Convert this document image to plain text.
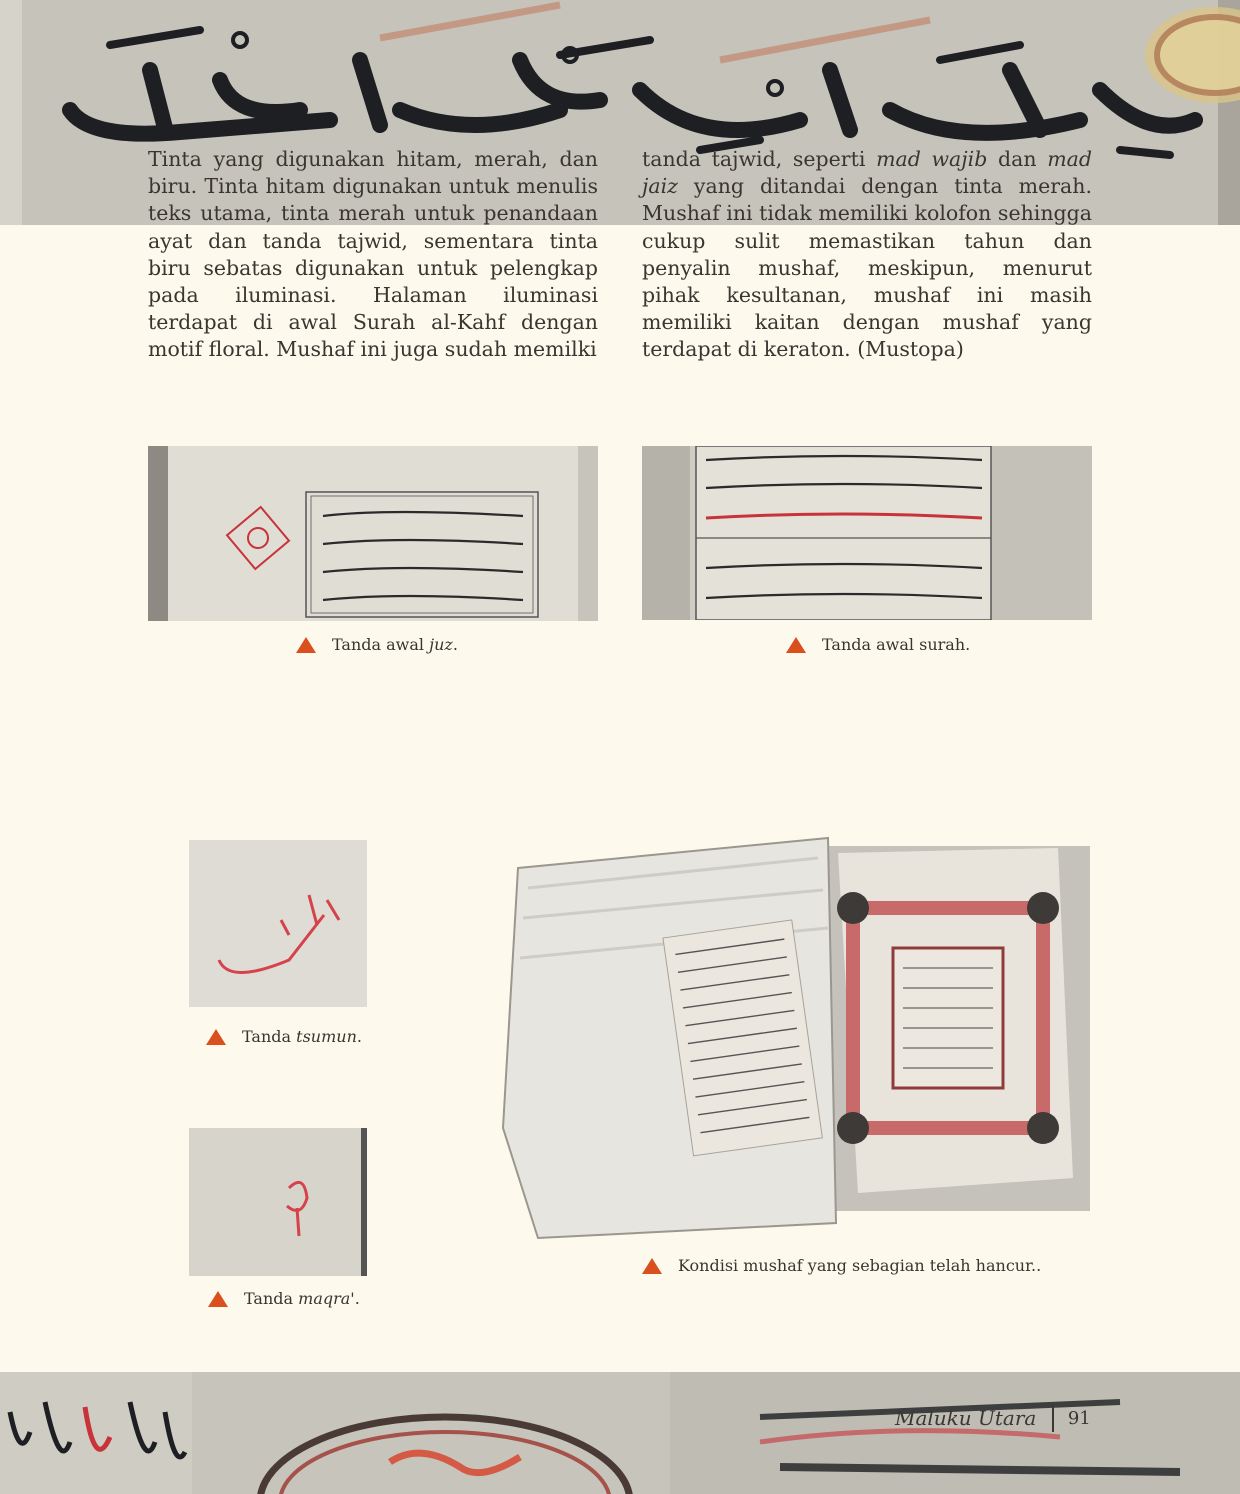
Tinta yang digunakan hitam, merah, dan biru. Tinta hitam digunakan untuk menulis teks utama, tinta merah untuk penandaan ayat dan tanda tajwid, sementara tinta biru sebatas digunakan untuk pelengkap pada iluminasi. Halaman iluminasi terdapat di awal Surah al-Kahf dengan motif floral. Mushaf ini juga sudah memilki

tanda tajwid, seperti mad wajib dan mad jaiz yang ditandai dengan tinta merah. Mushaf ini tidak memiliki kolofon sehingga cukup sulit memastikan tahun dan penyalin mushaf, meskipun, menurut pihak kesultanan, mushaf ini masih memiliki kaitan dengan mushaf yang terdapat di keraton. (Mustopa)

Tanda awal juz.	Tanda awal surah.
Tanda tsumun.
Tanda maqra'.
Kondisi mushaf yang sebagian telah hancur..
Maluku Utara 91
